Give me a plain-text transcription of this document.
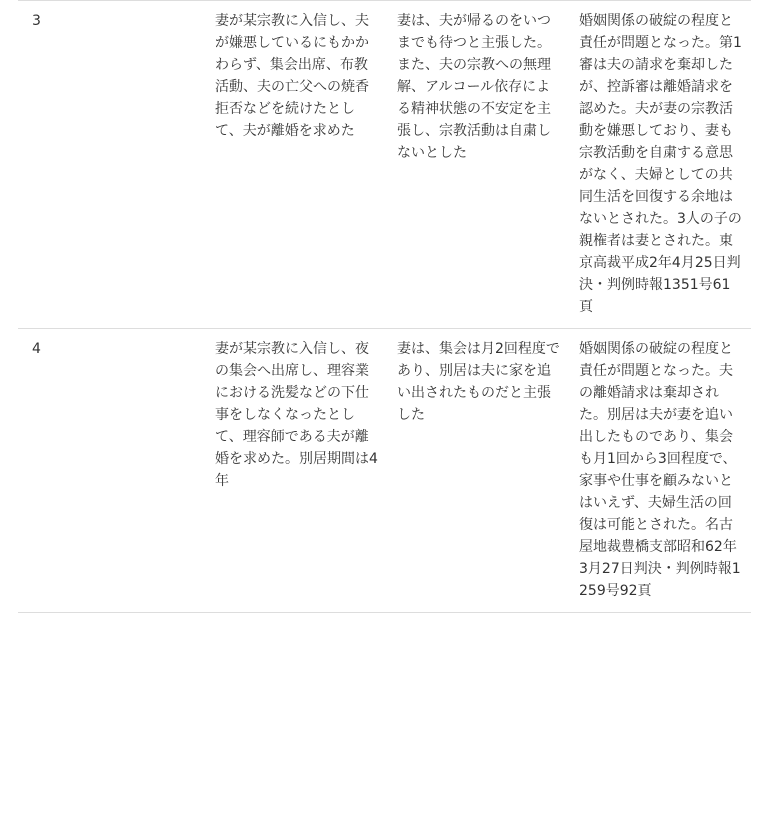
3	妻が某宗教に入信し、夫が嫌悪しているにもかかわらず、集会出席、布教活動、夫の亡父への焼香拒否などを続けたとして、夫が離婚を求めた	妻は、夫が帰るのをいつまでも待つと主張した。また、夫の宗教への無理解、アルコール依存による精神状態の不安定を主張し、宗教活動は自粛しないとした	婚姻関係の破綻の程度と責任が問題となった。第1審は夫の請求を棄却したが、控訴審は離婚請求を認めた。夫が妻の宗教活動を嫌悪しており、妻も宗教活動を自粛する意思がなく、夫婦としての共同生活を回復する余地はないとされた。3人の子の親権者は妻とされた。東京高裁平成2年4月25日判決・判例時報1351号61頁
4	妻が某宗教に入信し、夜の集会へ出席し、理容業における洗髪などの下仕事をしなくなったとして、理容師である夫が離婚を求めた。別居期間は4年	妻は、集会は月2回程度であり、別居は夫に家を追い出されたものだと主張した	婚姻関係の破綻の程度と責任が問題となった。夫の離婚請求は棄却された。別居は夫が妻を追い出したものであり、集会も月1回から3回程度で、家事や仕事を顧みないとはいえず、夫婦生活の回復は可能とされた。名古屋地裁豊橋支部昭和62年3月27日判決・判例時報1259号92頁
